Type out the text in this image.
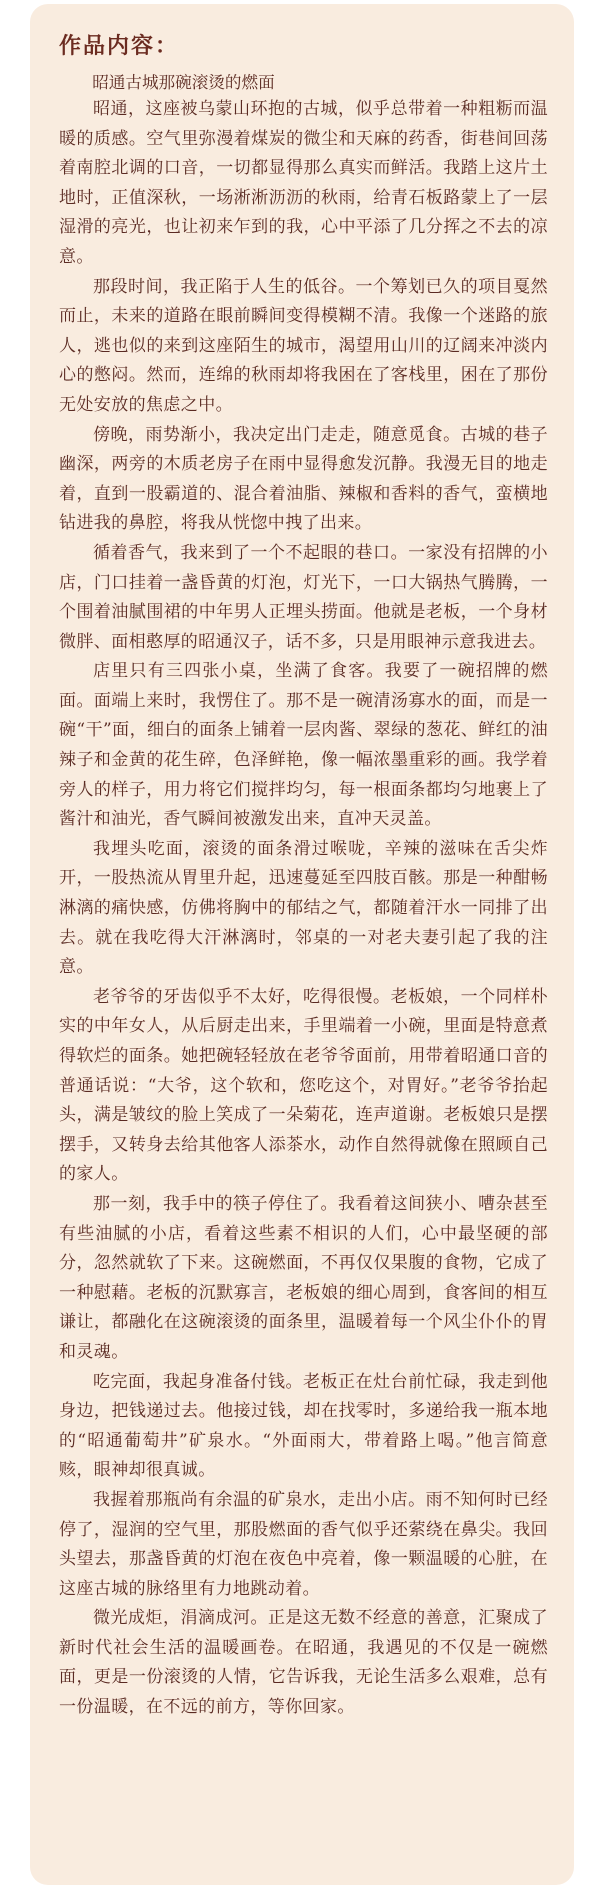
作品内容：
昭通古城那碗滚烫的燃面

昭通，这座被乌蒙山环抱的古城，似乎总带着一种粗粝而温暖的质感。空气里弥漫着煤炭的微尘和天麻的药香，街巷间回荡着南腔北调的口音，一切都显得那么真实而鲜活。我踏上这片土地时，正值深秋，一场淅淅沥沥的秋雨，给青石板路蒙上了一层湿滑的亮光，也让初来乍到的我，心中平添了几分挥之不去的凉意。

那段时间，我正陷于人生的低谷。一个筹划已久的项目戛然而止，未来的道路在眼前瞬间变得模糊不清。我像一个迷路的旅人，逃也似的来到这座陌生的城市，渴望用山川的辽阔来冲淡内心的憋闷。然而，连绵的秋雨却将我困在了客栈里，困在了那份无处安放的焦虑之中。

傍晚，雨势渐小，我决定出门走走，随意觅食。古城的巷子幽深，两旁的木质老房子在雨中显得愈发沉静。我漫无目的地走着，直到一股霸道的、混合着油脂、辣椒和香料的香气，蛮横地钻进我的鼻腔，将我从恍惚中拽了出来。

循着香气，我来到了一个不起眼的巷口。一家没有招牌的小店，门口挂着一盏昏黄的灯泡，灯光下，一口大锅热气腾腾，一个围着油腻围裙的中年男人正埋头捞面。他就是老板，一个身材微胖、面相憨厚的昭通汉子，话不多，只是用眼神示意我进去。

店里只有三四张小桌，坐满了食客。我要了一碗招牌的燃面。面端上来时，我愣住了。那不是一碗清汤寡水的面，而是一碗“干”面，细白的面条上铺着一层肉酱、翠绿的葱花、鲜红的油辣子和金黄的花生碎，色泽鲜艳，像一幅浓墨重彩的画。我学着旁人的样子，用力将它们搅拌均匀，每一根面条都均匀地裹上了酱汁和油光，香气瞬间被激发出来，直冲天灵盖。

我埋头吃面，滚烫的面条滑过喉咙，辛辣的滋味在舌尖炸开，一股热流从胃里升起，迅速蔓延至四肢百骸。那是一种酣畅淋漓的痛快感，仿佛将胸中的郁结之气，都随着汗水一同排了出去。就在我吃得大汗淋漓时，邻桌的一对老夫妻引起了我的注意。

老爷爷的牙齿似乎不太好，吃得很慢。老板娘，一个同样朴实的中年女人，从后厨走出来，手里端着一小碗，里面是特意煮得软烂的面条。她把碗轻轻放在老爷爷面前，用带着昭通口音的普通话说：“大爷，这个软和，您吃这个，对胃好。”老爷爷抬起头，满是皱纹的脸上笑成了一朵菊花，连声道谢。老板娘只是摆摆手，又转身去给其他客人添茶水，动作自然得就像在照顾自己的家人。

那一刻，我手中的筷子停住了。我看着这间狭小、嘈杂甚至有些油腻的小店，看着这些素不相识的人们，心中最坚硬的部分，忽然就软了下来。这碗燃面，不再仅仅果腹的食物，它成了一种慰藉。老板的沉默寡言，老板娘的细心周到，食客间的相互谦让，都融化在这碗滚烫的面条里，温暖着每一个风尘仆仆的胃和灵魂。

吃完面，我起身准备付钱。老板正在灶台前忙碌，我走到他身边，把钱递过去。他接过钱，却在找零时，多递给我一瓶本地的“昭通葡萄井”矿泉水。“外面雨大，带着路上喝。”他言简意赅，眼神却很真诚。

我握着那瓶尚有余温的矿泉水，走出小店。雨不知何时已经停了，湿润的空气里，那股燃面的香气似乎还萦绕在鼻尖。我回头望去，那盏昏黄的灯泡在夜色中亮着，像一颗温暖的心脏，在这座古城的脉络里有力地跳动着。

微光成炬，涓滴成河。正是这无数不经意的善意，汇聚成了新时代社会生活的温暖画卷。在昭通，我遇见的不仅是一碗燃面，更是一份滚烫的人情，它告诉我，无论生活多么艰难，总有一份温暖，在不远的前方，等你回家。
